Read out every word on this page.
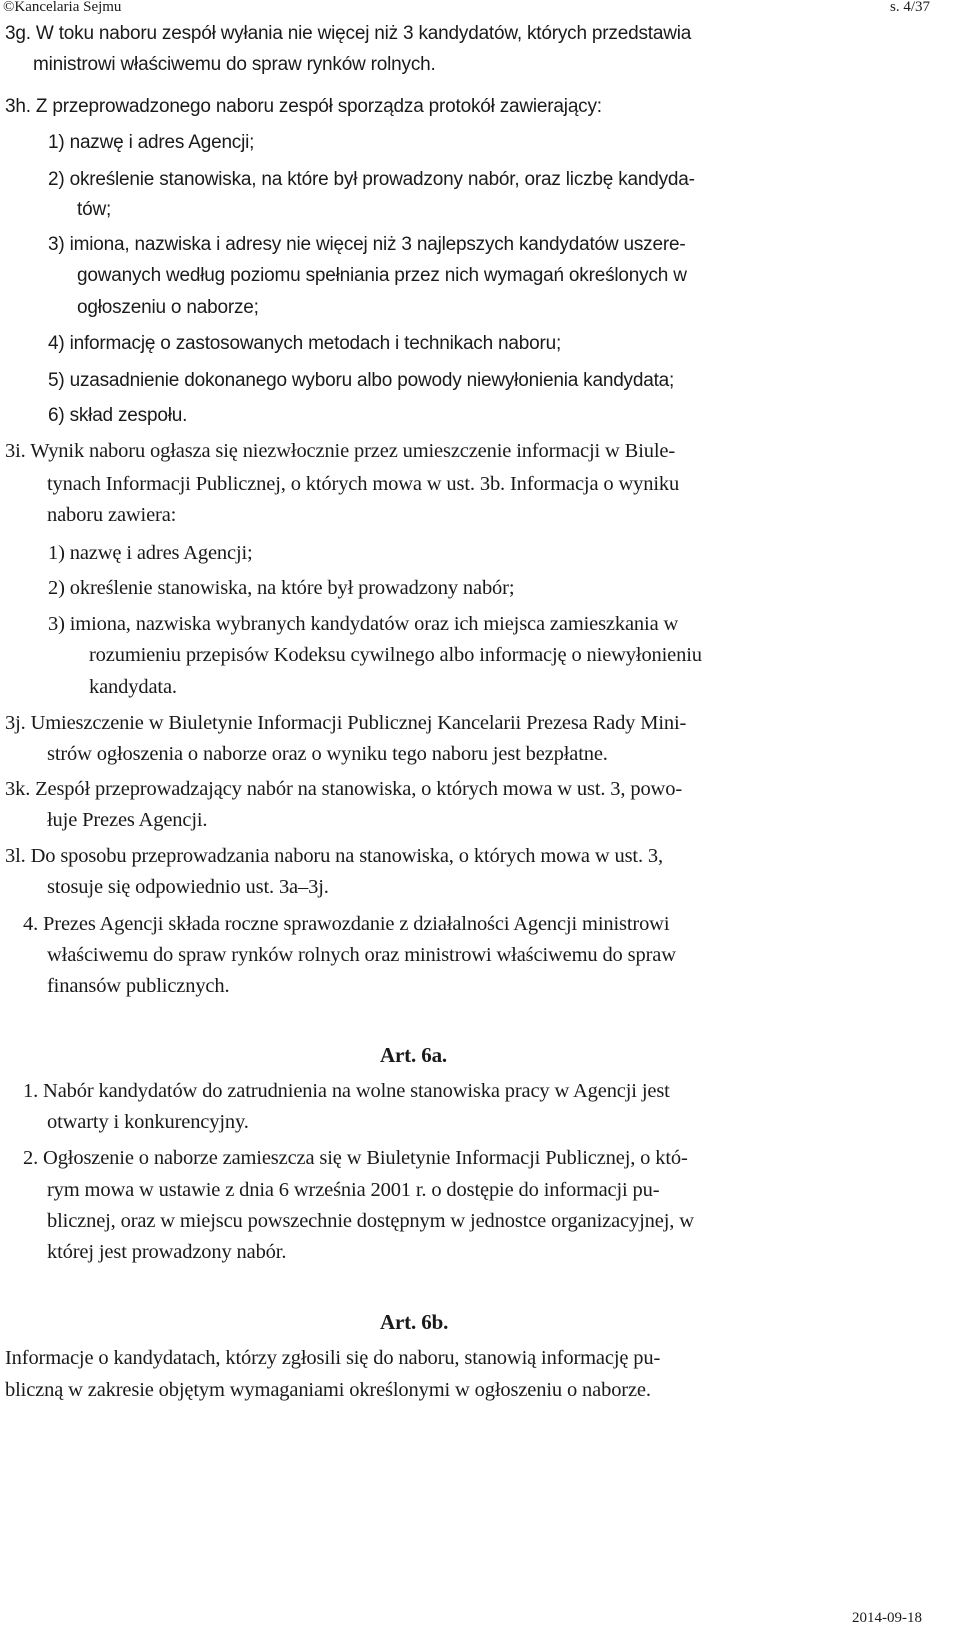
©Kancelaria Sejmu	s. 4/37
3g. W toku naboru zespół wyłania nie więcej niż 3 kandydatów, których przedstawia
ministrowi właściwemu do spraw rynków rolnych.
3h. Z przeprowadzonego naboru zespół sporządza protokół zawierający:
1) nazwę i adres Agencji;
2) określenie stanowiska, na które był prowadzony nabór, oraz liczbę kandyda-
tów;
3) imiona, nazwiska i adresy nie więcej niż 3 najlepszych kandydatów uszere-
gowanych według poziomu spełniania przez nich wymagań określonych w
ogłoszeniu o naborze;
4) informację o zastosowanych metodach i technikach naboru;
5) uzasadnienie dokonanego wyboru albo powody niewyłonienia kandydata;
6) skład zespołu.
3i. Wynik naboru ogłasza się niezwłocznie przez umieszczenie informacji w Biule-
tynach Informacji Publicznej, o których mowa w ust. 3b. Informacja o wyniku
naboru zawiera:
1) nazwę i adres Agencji;
2) określenie stanowiska, na które był prowadzony nabór;
3) imiona, nazwiska wybranych kandydatów oraz ich miejsca zamieszkania w
rozumieniu przepisów Kodeksu cywilnego albo informację o niewyłonieniu
kandydata.
3j. Umieszczenie w Biuletynie Informacji Publicznej Kancelarii Prezesa Rady Mini-
strów ogłoszenia o naborze oraz o wyniku tego naboru jest bezpłatne.
3k. Zespół przeprowadzający nabór na stanowiska, o których mowa w ust. 3, powo-
łuje Prezes Agencji.
3l. Do sposobu przeprowadzania naboru na stanowiska, o których mowa w ust. 3,
stosuje się odpowiednio ust. 3a–3j.
4. Prezes Agencji składa roczne sprawozdanie z działalności Agencji ministrowi
właściwemu do spraw rynków rolnych oraz ministrowi właściwemu do spraw
finansów publicznych.
Art. 6a.
1. Nabór kandydatów do zatrudnienia na wolne stanowiska pracy w Agencji jest
otwarty i konkurencyjny.
2. Ogłoszenie o naborze zamieszcza się w Biuletynie Informacji Publicznej, o któ-
rym mowa w ustawie z dnia 6 września 2001 r. o dostępie do informacji pu-
blicznej, oraz w miejscu powszechnie dostępnym w jednostce organizacyjnej, w
której jest prowadzony nabór.
Art. 6b.
Informacje o kandydatach, którzy zgłosili się do naboru, stanowią informację pu-
bliczną w zakresie objętym wymaganiami określonymi w ogłoszeniu o naborze.
2014-09-18
